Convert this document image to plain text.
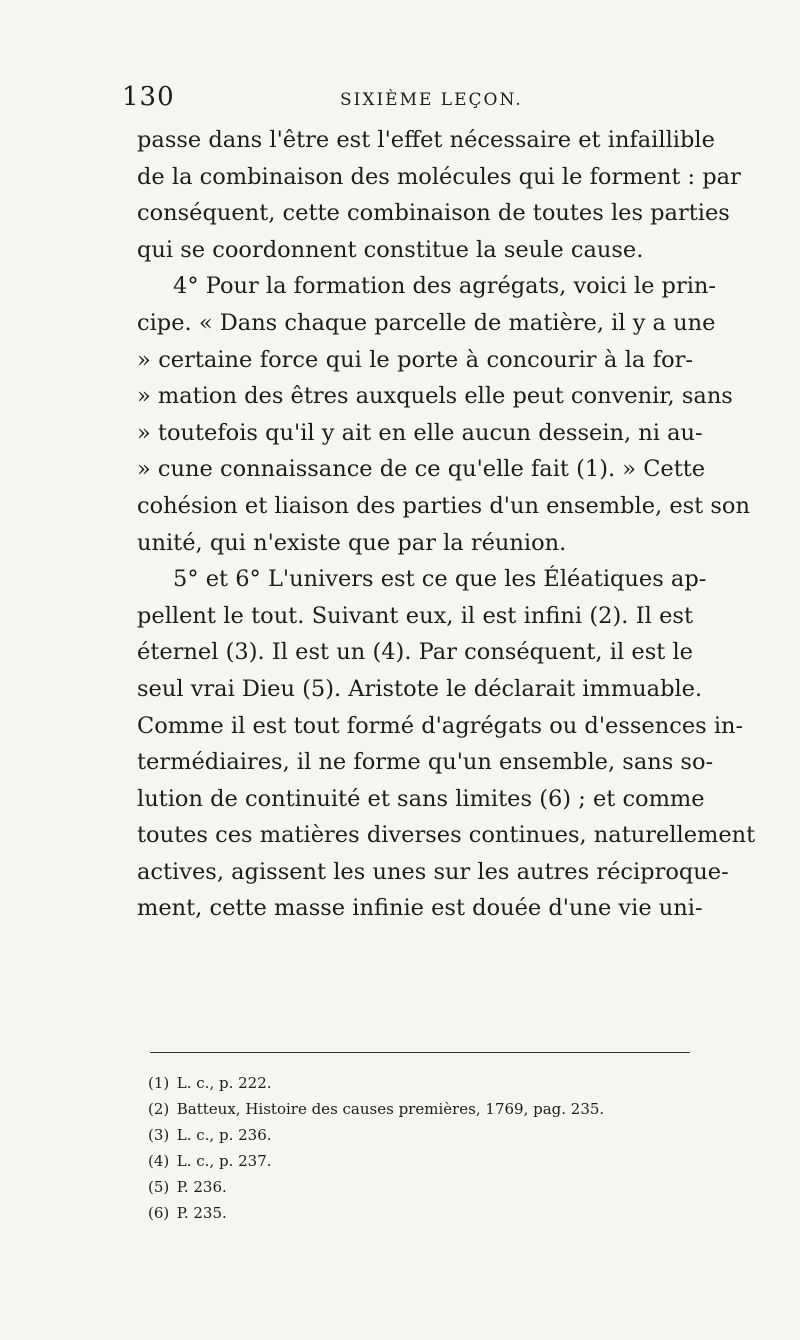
130	SIXIÈME LEÇON.
passe dans l'être est l'effet nécessaire et infaillible
de la combinaison des molécules qui le forment : par
conséquent, cette combinaison de toutes les parties
qui se coordonnent constitue la seule cause.
4° Pour la formation des agrégats, voici le prin-
cipe. « Dans chaque parcelle de matière, il y a une
» certaine force qui le porte à concourir à la for-
» mation des êtres auxquels elle peut convenir, sans
» toutefois qu'il y ait en elle aucun dessein, ni au-
» cune connaissance de ce qu'elle fait (1). » Cette
cohésion et liaison des parties d'un ensemble, est son
unité, qui n'existe que par la réunion.
5° et 6° L'univers est ce que les Éléatiques ap-
pellent le tout. Suivant eux, il est infini (2). Il est
éternel (3). Il est un (4). Par conséquent, il est le
seul vrai Dieu (5). Aristote le déclarait immuable.
Comme il est tout formé d'agrégats ou d'essences in-
termédiaires, il ne forme qu'un ensemble, sans so-
lution de continuité et sans limites (6) ; et comme
toutes ces matières diverses continues, naturellement
actives, agissent les unes sur les autres réciproque-
ment, cette masse infinie est douée d'une vie uni-
(1) L. c., p. 222.
(2) Batteux, Histoire des causes premières, 1769, pag. 235.
(3) L. c., p. 236.
(4) L. c., p. 237.
(5) P. 236.
(6) P. 235.
